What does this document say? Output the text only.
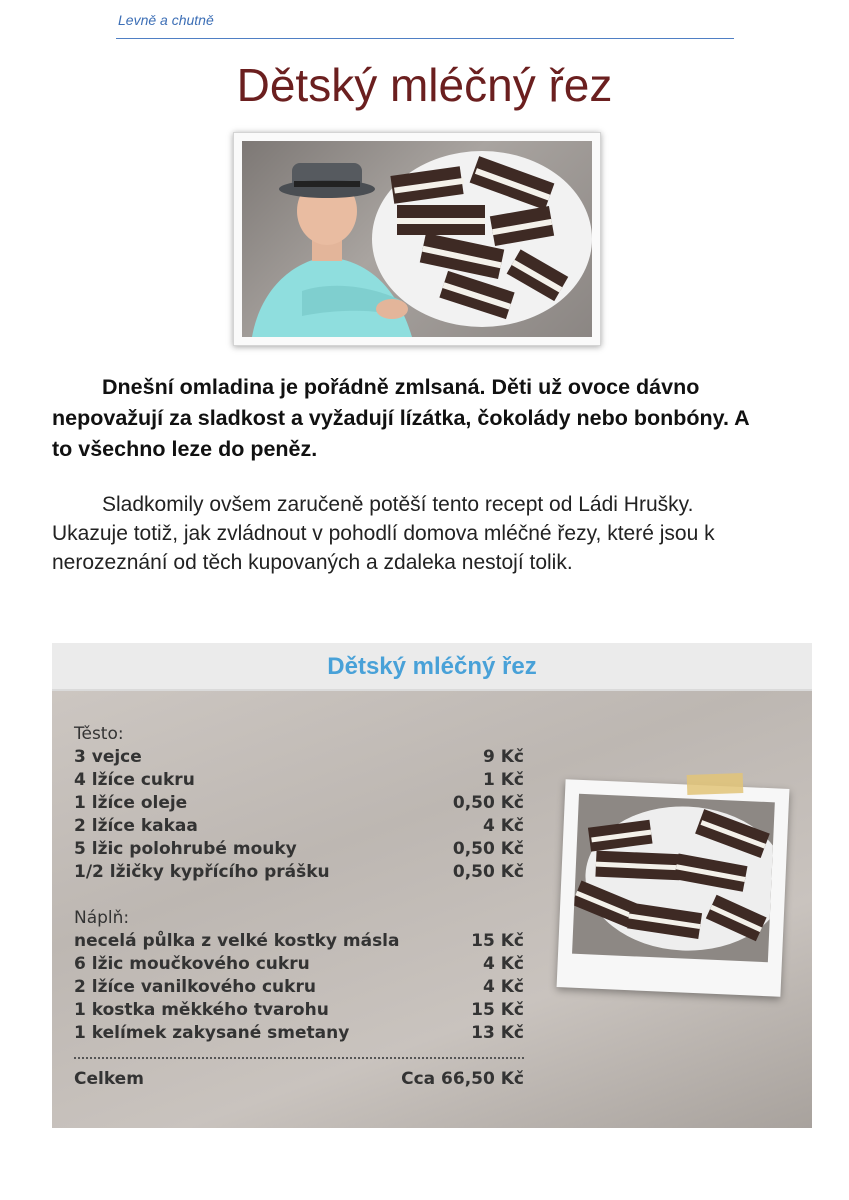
Levně a chutně
Dětský mléčný řez

Dnešní omladina je pořádně zmlsaná. Děti už ovoce dávno nepovažují za sladkost a vyžadují lízátka, čokolády nebo bonbóny. A to všechno leze do peněz.

Sladkomily ovšem zaručeně potěší tento recept od Ládi Hrušky. Ukazuje totiž, jak zvládnout v pohodlí domova mléčné řezy, které jsou k nerozeznání od těch kupovaných a zdaleka nestojí tolik.

Dětský mléčný řez
Těsto:
3 vejce	9 Kč
4 lžíce cukru	1 Kč
1 lžíce oleje	0,50 Kč
2 lžíce kakaa	4 Kč
5 lžic polohrubé mouky	0,50 Kč
1/2 lžičky kypřícího prášku	0,50 Kč
Náplň:
necelá půlka z velké kostky másla	15 Kč
6 lžic moučkového cukru	4 Kč
2 lžíce vanilkového cukru	4 Kč
1 kostka měkkého tvarohu	15 Kč
1 kelímek zakysané smetany	13 Kč
Celkem	Cca 66,50 Kč
